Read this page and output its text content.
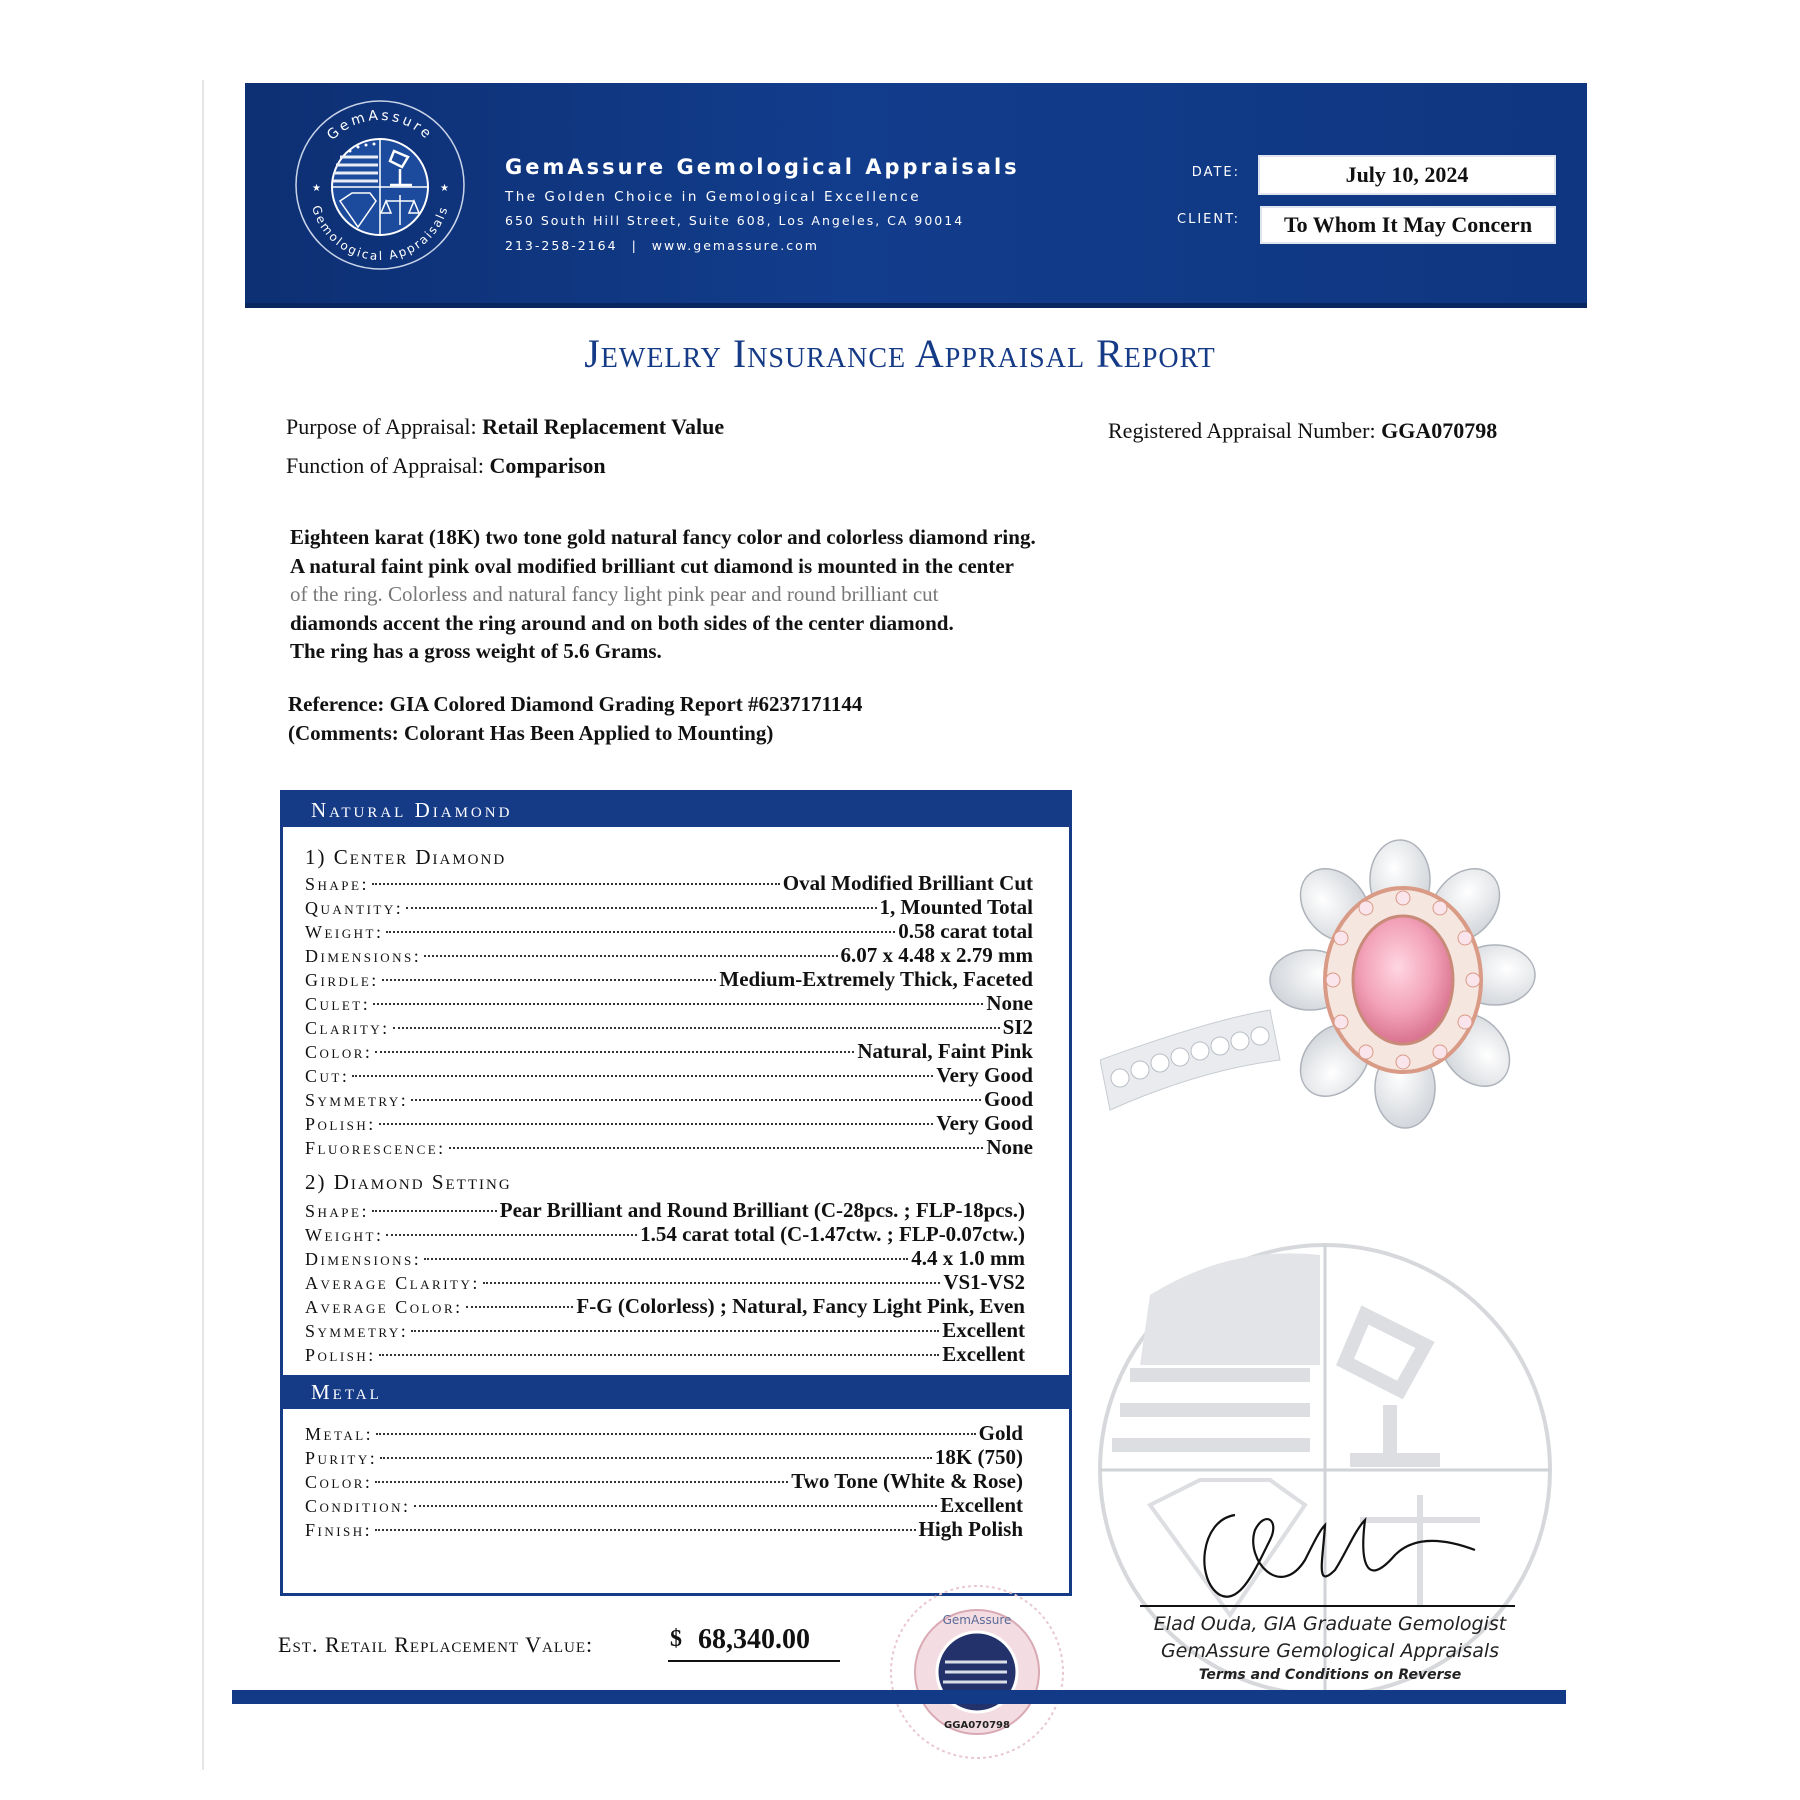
GemAssure
Gemological Appraisals
★	★
GemAssure Gemological Appraisals
The Golden Choice in Gemological Excellence
650 South Hill Street, Suite 608, Los Angeles, CA 90014
213-258-2164 | www.gemassure.com
DATE:	July 10, 2024
CLIENT:	To Whom It May Concern
Jewelry Insurance Appraisal Report
Purpose of Appraisal: Retail Replacement Value
Function of Appraisal: Comparison
Registered Appraisal Number: GGA070798
Eighteen karat (18K) two tone gold natural fancy color and colorless diamond ring.
A natural faint pink oval modified brilliant cut diamond is mounted in the center
of the ring. Colorless and natural fancy light pink pear and round brilliant cut
diamonds accent the ring around and on both sides of the center diamond.
The ring has a gross weight of 5.6 Grams.
Reference: GIA Colored Diamond Grading Report #6237171144
(Comments: Colorant Has Been Applied to Mounting)
Natural Diamond
1) Center Diamond
Shape:	Oval Modified Brilliant Cut
Quantity:	1, Mounted Total
Weight:	0.58 carat total
Dimensions:	6.07 x 4.48 x 2.79 mm
Girdle:	Medium-Extremely Thick, Faceted
Culet:	None
Clarity:	SI2
Color:	Natural, Faint Pink
Cut:	Very Good
Symmetry:	Good
Polish:	Very Good
Fluorescence:	None
2) Diamond Setting
Shape:	Pear Brilliant and Round Brilliant (C-28pcs. ; FLP-18pcs.)
Weight:	1.54 carat total (C-1.47ctw. ; FLP-0.07ctw.)
Dimensions:	4.4 x 1.0 mm
Average Clarity:	VS1-VS2
Average Color:	F-G (Colorless) ; Natural, Fancy Light Pink, Even
Symmetry:	Excellent
Polish:	Excellent
Metal
Metal:	Gold
Purity:	18K (750)
Color:	Two Tone (White & Rose)
Condition:	Excellent
Finish:	High Polish
Elad Ouda, GIA Graduate Gemologist
GemAssure Gemological Appraisals
Terms and Conditions on Reverse
Est. Retail Replacement Value:	$ 68,340.00
GemAssure
GGA070798
